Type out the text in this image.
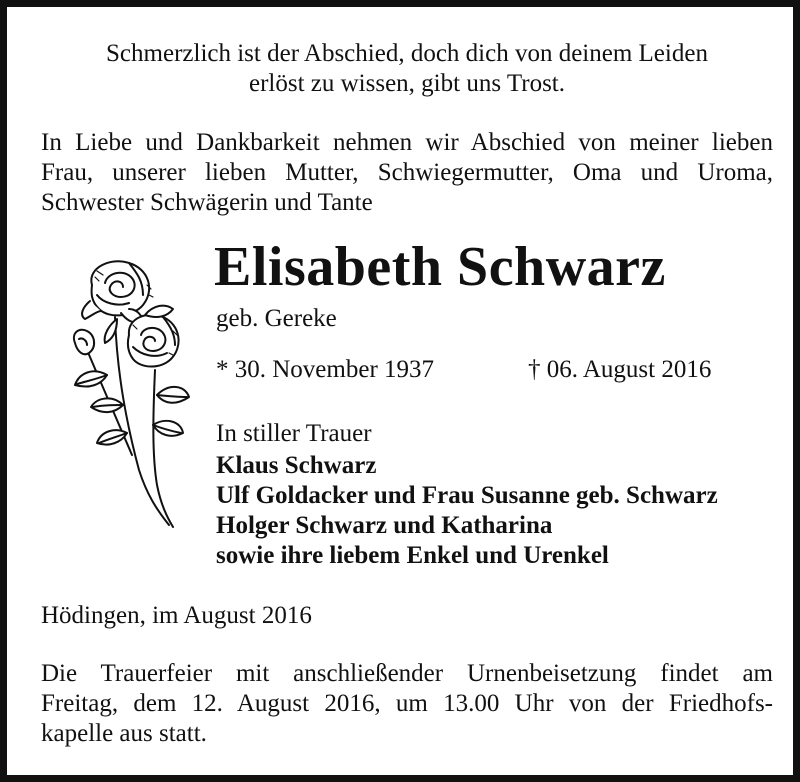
Schmerzlich ist der Abschied, doch dich von deinem Leiden
erlöst zu wissen, gibt uns Trost.
In Liebe und Dankbarkeit nehmen wir Abschied von meiner lieben
Frau, unserer lieben Mutter, Schwiegermutter, Oma und Uroma,
Schwester Schwägerin und Tante
Elisabeth Schwarz
geb. Gereke
* 30. November 1937	† 06. August 2016
In stiller Trauer
Klaus Schwarz
Ulf Goldacker und Frau Susanne geb. Schwarz
Holger Schwarz und Katharina
sowie ihre liebem Enkel und Urenkel
Hödingen, im August 2016
Die Trauerfeier mit anschließender Urnenbeisetzung findet am
Freitag, dem 12. August 2016, um 13.00 Uhr von der Friedhofs-
kapelle aus statt.
